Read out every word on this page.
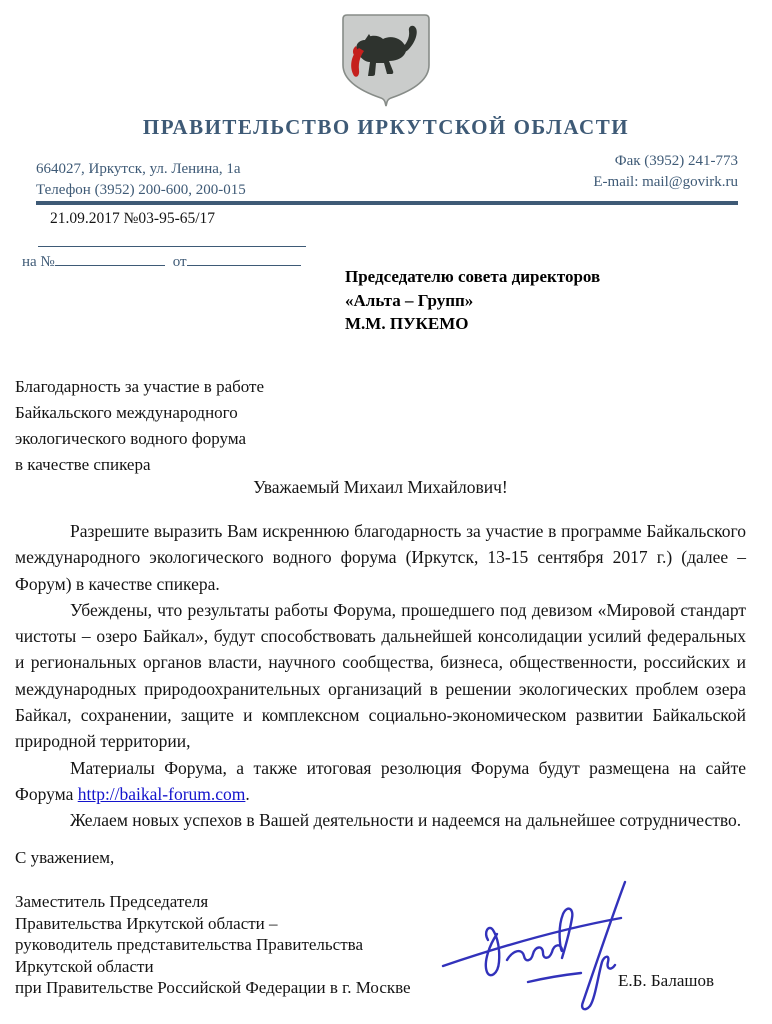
ПРАВИТЕЛЬСТВО ИРКУТСКОЙ ОБЛАСТИ
664027, Иркутск, ул. Ленина, 1а
Телефон (3952) 200-600, 200-015
Фак (3952) 241-773
E-mail: mail@govirk.ru
21.09.2017 №03-95-65/17
на №	от
Председателю совета директоров
«Альта – Групп»
М.М. ПУКЕМО
Благодарность за участие в работе
Байкальского международного
экологического водного форума
в качестве спикера
Уважаемый Михаил Михайлович!

Разрешите выразить Вам искреннюю благодарность за участие в программе Байкальского международного экологического водного форума (Иркутск, 13-15 сентября 2017 г.) (далее – Форум) в качестве спикера.

Убеждены, что результаты работы Форума, прошедшего под девизом «Мировой стандарт чистоты – озеро Байкал», будут способствовать дальнейшей консолидации усилий федеральных и региональных органов власти, научного сообщества, бизнеса, общественности, российских и международных природоохранительных организаций в решении экологических проблем озера Байкал, сохранении, защите и комплексном социально-экономическом развитии Байкальской природной территории,

Материалы Форума, а также итоговая резолюция Форума будут размещена на сайте Форума http://baikal-forum.com.

Желаем новых успехов в Вашей деятельности и надеемся на дальнейшее сотрудничество.

С уважением,
Заместитель Председателя
Правительства Иркутской области –
руководитель представительства Правительства
Иркутской области
при Правительстве Российской Федерации в г. Москве	Е.Б. Балашов
